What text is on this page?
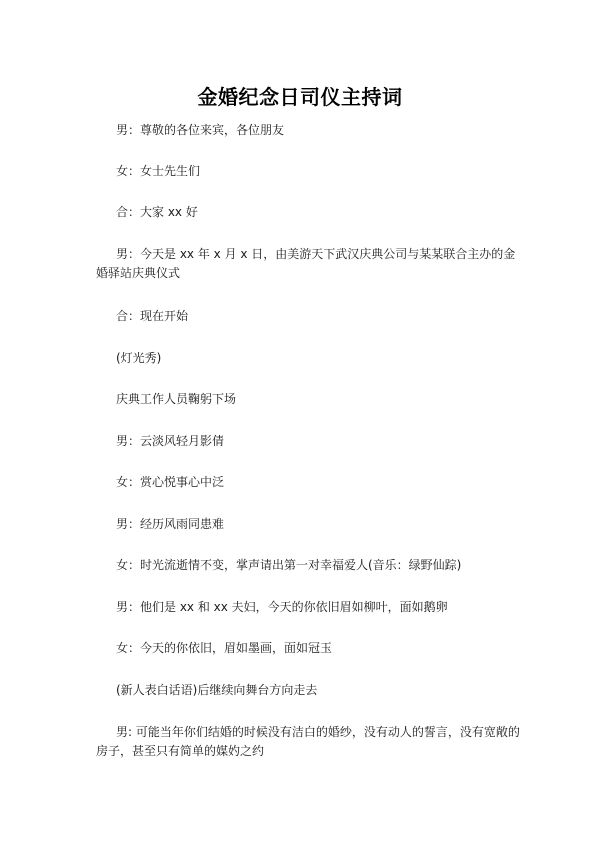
金婚纪念日司仪主持词

男：尊敬的各位来宾，各位朋友

女：女士先生们

合：大家 xx 好

男：今天是 xx 年 x 月 x 日，由美游天下武汉庆典公司与某某联合主办的金婚驿站庆典仪式

合：现在开始

(灯光秀)

庆典工作人员鞠躬下场

男：云淡风轻月影倩

女：赏心悦事心中泛

男：经历风雨同患难

女：时光流逝情不变，掌声请出第一对幸福爱人(音乐：绿野仙踪)

男：他们是 xx 和 xx 夫妇，今天的你依旧眉如柳叶，面如鹅卵

女：今天的你依旧，眉如墨画，面如冠玉

(新人表白话语)后继续向舞台方向走去

男: 可能当年你们结婚的时候没有洁白的婚纱，没有动人的誓言，没有宽敞的房子，甚至只有简单的媒妁之约
